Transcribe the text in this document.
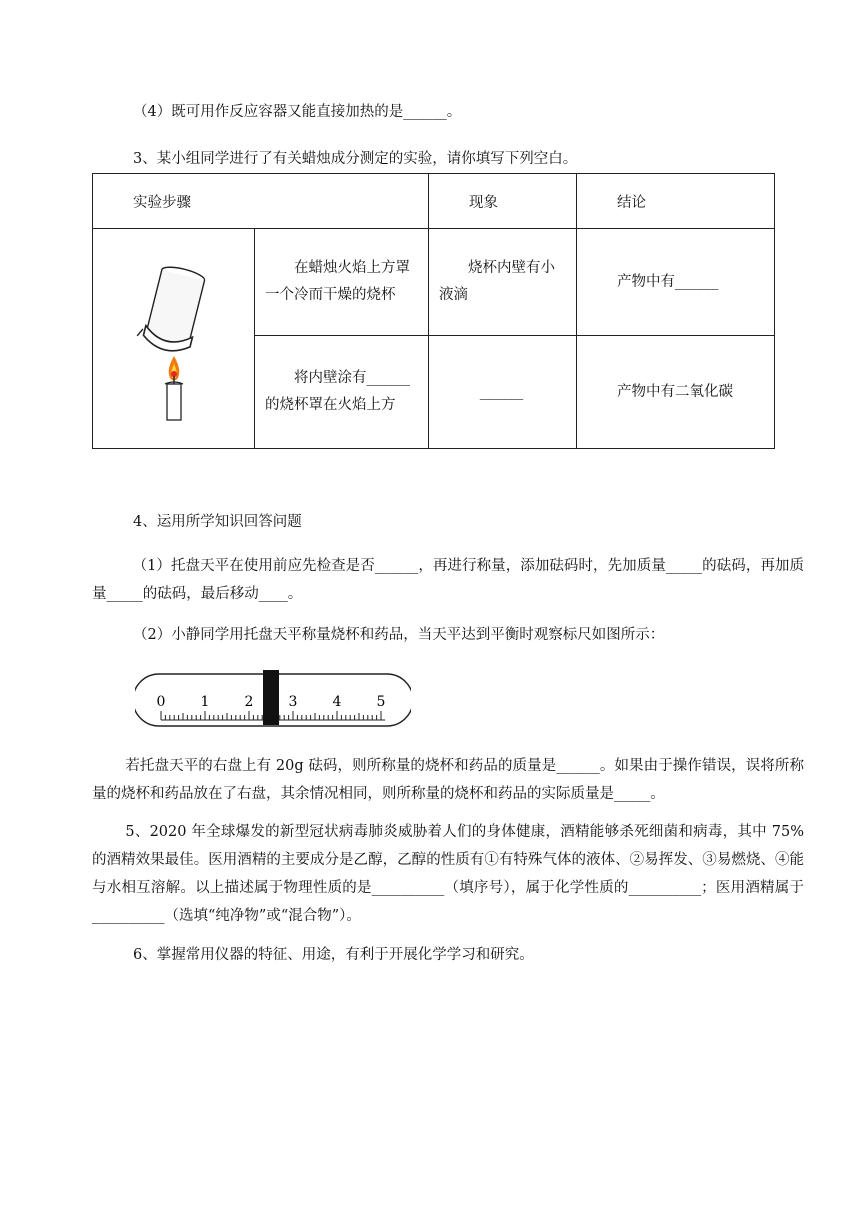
（4）既可用作反应容器又能直接加热的是______。
3、某小组同学进行了有关蜡烛成分测定的实验，请你填写下列空白。
实验步骤		现象	结论

在蜡烛火焰上方罩一个冷而干燥的烧杯	烧杯内壁有小液滴	产物中有______

	将内壁涂有______的烧杯罩在火焰上方	______	产物中有二氧化碳
4、运用所学知识回答问题
（1）托盘天平在使用前应先检查是否______，再进行称量，添加砝码时，先加质量_____的砝码，再加质量_____的砝码，最后移动____。
（2）小静同学用托盘天平称量烧杯和药品，当天平达到平衡时观察标尺如图所示：
0	1	2	3	4	5
若托盘天平的右盘上有 20g 砝码，则所称量的烧杯和药品的质量是______。如果由于操作错误，误将所称量的烧杯和药品放在了右盘，其余情况相同，则所称量的烧杯和药品的实际质量是_____。
5、2020 年全球爆发的新型冠状病毒肺炎威胁着人们的身体健康，酒精能够杀死细菌和病毒，其中 75%的酒精效果最佳。医用酒精的主要成分是乙醇，乙醇的性质有①有特殊气体的液体、②易挥发、③易燃烧、④能与水相互溶解。以上描述属于物理性质的是__________（填序号），属于化学性质的__________；医用酒精属于__________（选填“纯净物”或“混合物”）。
6、掌握常用仪器的特征、用途，有利于开展化学学习和研究。
